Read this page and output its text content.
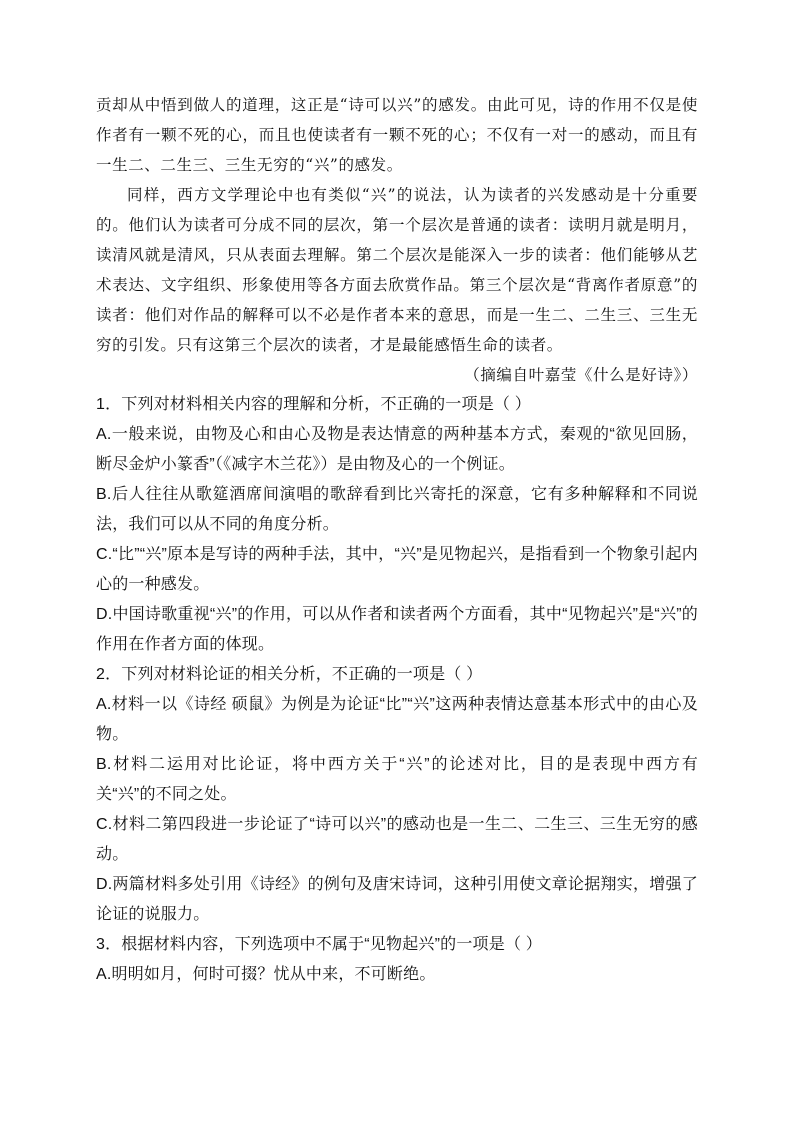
贡却从中悟到做人的道理，这正是“诗可以兴”的感发。由此可见，诗的作用不仅是使作者有一颗不死的心，而且也使读者有一颗不死的心；不仅有一对一的感动，而且有一生二、二生三、三生无穷的“兴”的感发。

同样，西方文学理论中也有类似“兴”的说法，认为读者的兴发感动是十分重要的。他们认为读者可分成不同的层次，第一个层次是普通的读者：读明月就是明月，读清风就是清风，只从表面去理解。第二个层次是能深入一步的读者：他们能够从艺术表达、文字组织、形象使用等各方面去欣赏作品。第三个层次是“背离作者原意”的读者：他们对作品的解释可以不必是作者本来的意思，而是一生二、二生三、三生无穷的引发。只有这第三个层次的读者，才是最能感悟生命的读者。

（摘编自叶嘉莹《什么是好诗》）

1．下列对材料相关内容的理解和分析，不正确的一项是（ ）

A.一般来说，由物及心和由心及物是表达情意的两种基本方式，秦观的“欲见回肠，断尽金炉小篆香”（《减字木兰花》）是由物及心的一个例证。

B.后人往往从歌筵酒席间演唱的歌辞看到比兴寄托的深意，它有多种解释和不同说法，我们可以从不同的角度分析。

C.“比”“兴”原本是写诗的两种手法，其中，“兴”是见物起兴，是指看到一个物象引起内心的一种感发。

D.中国诗歌重视“兴”的作用，可以从作者和读者两个方面看，其中“见物起兴”是“兴”的作用在作者方面的体现。

2．下列对材料论证的相关分析，不正确的一项是（ ）

A.材料一以《诗经 硕鼠》为例是为论证“比”“兴”这两种表情达意基本形式中的由心及物。

B.材料二运用对比论证，将中西方关于“兴”的论述对比，目的是表现中西方有关“兴”的不同之处。

C.材料二第四段进一步论证了“诗可以兴”的感动也是一生二、二生三、三生无穷的感动。

D.两篇材料多处引用《诗经》的例句及唐宋诗词，这种引用使文章论据翔实，增强了论证的说服力。

3．根据材料内容，下列选项中不属于“见物起兴”的一项是（ ）

A.明明如月，何时可掇？忧从中来，不可断绝。
